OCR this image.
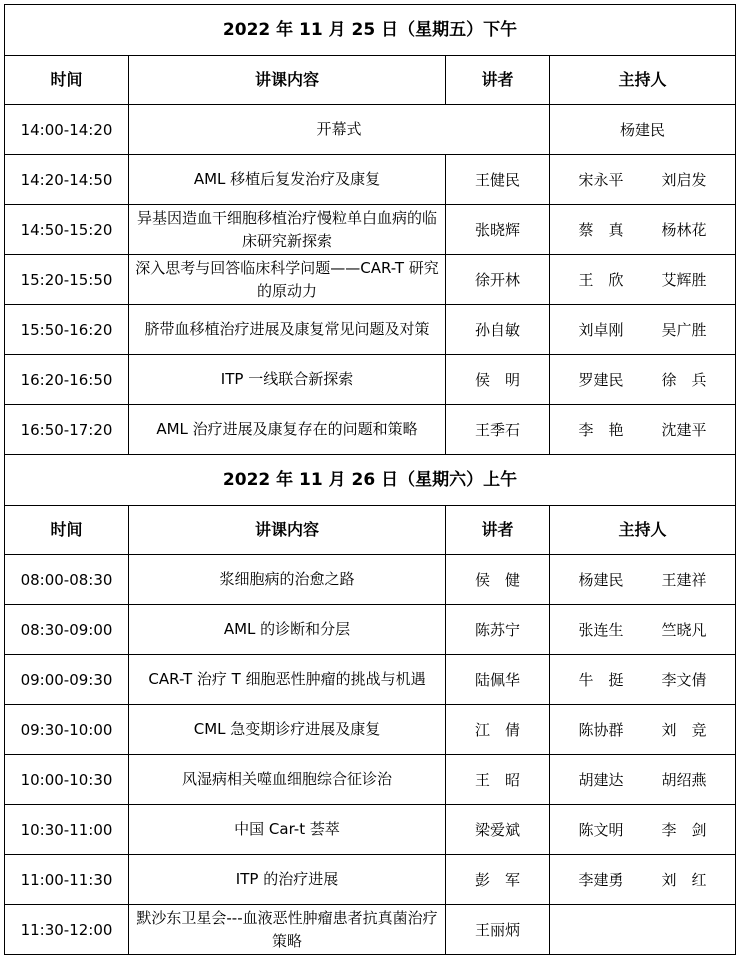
2022 年 11 月 25 日（星期五）下午			
时间	讲课内容	讲者	主持人
14:00-14:20	开幕式		杨建民
14:20-14:50	AML 移植后复发治疗及康复	王健民	宋永平 刘启发

14:50-15:20	异基因造血干细胞移植治疗慢粒单白血病的临床研究新探索	张晓辉	蔡　真 杨林花

15:20-15:50	深入思考与回答临床科学问题——CAR-T 研究的原动力	徐开林	王　欣 艾辉胜

15:50-16:20	脐带血移植治疗进展及康复常见问题及对策	孙自敏	刘卓刚 吴广胜

16:20-16:50	ITP 一线联合新探索	侯　明	罗建民 徐　兵

16:50-17:20	AML 治疗进展及康复存在的问题和策略	王季石	李　艳 沈建平

2022 年 11 月 26 日（星期六）上午			
时间	讲课内容	讲者	主持人
08:00-08:30	浆细胞病的治愈之路	侯　健	杨建民 王建祥

08:30-09:00	AML 的诊断和分层	陈苏宁	张连生 竺晓凡

09:00-09:30	CAR-T 治疗 T 细胞恶性肿瘤的挑战与机遇	陆佩华	牛　挺 李文倩

09:30-10:00	CML 急变期诊疗进展及康复	江　倩	陈协群 刘　竞

10:00-10:30	风湿病相关噬血细胞综合征诊治	王　昭	胡建达 胡绍燕

10:30-11:00	中国 Car-t 荟萃	梁爱斌	陈文明 李　剑

11:00-11:30	ITP 的治疗进展	彭　军	李建勇 刘　红

11:30-12:00	默沙东卫星会---血液恶性肿瘤患者抗真菌治疗策略	王丽炳	
